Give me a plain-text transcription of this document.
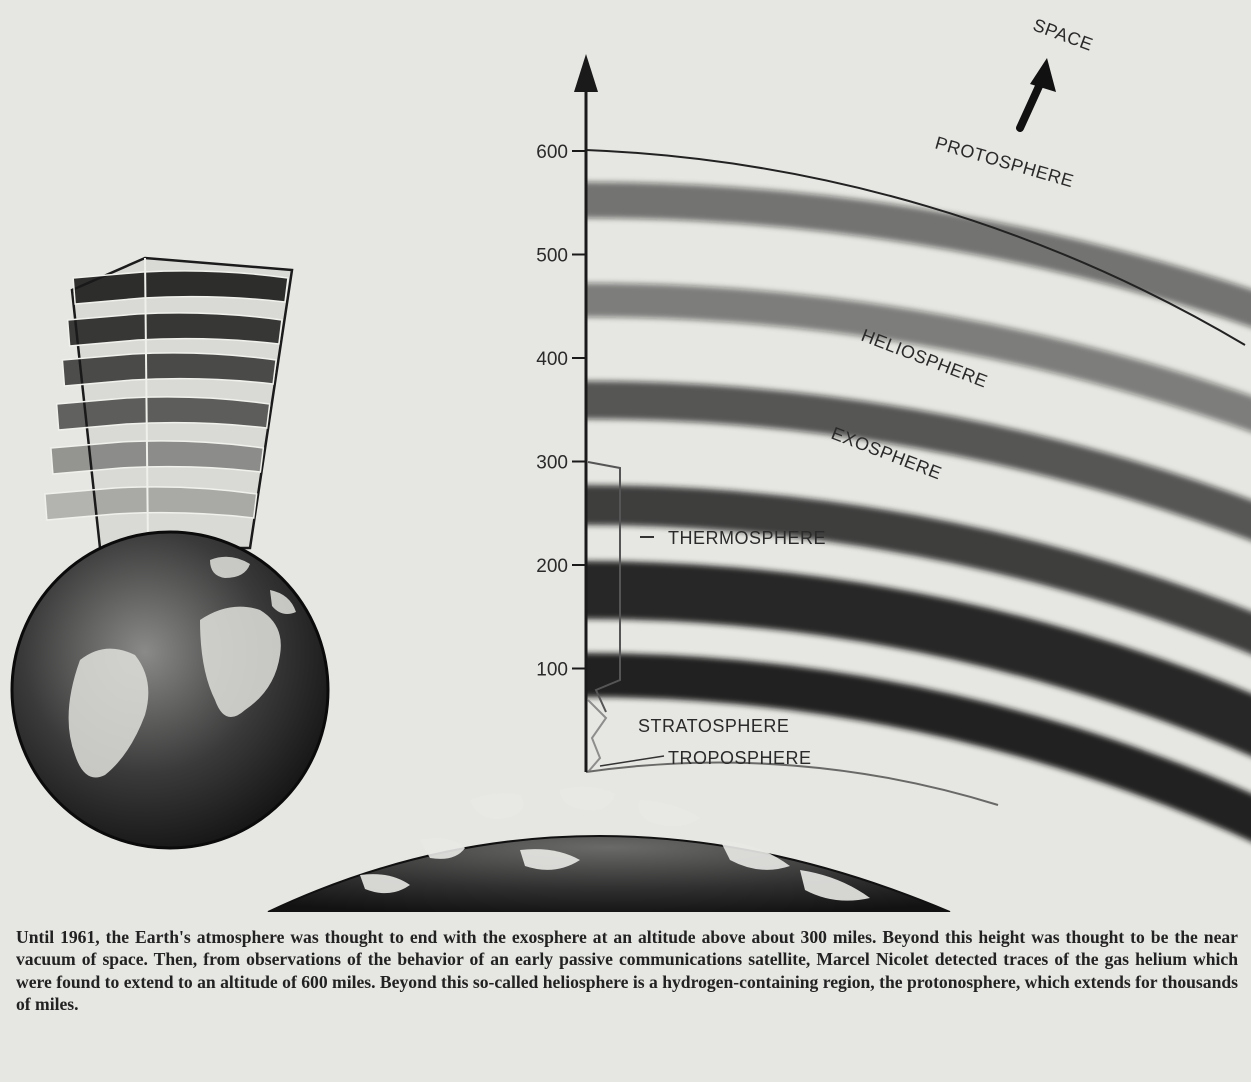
100
200
300
400
500
600
SPACE
PROTOSPHERE
HELIOSPHERE
EXOSPHERE
THERMOSPHERE
STRATOSPHERE
TROPOSPHERE

Until 1961, the Earth's atmosphere was thought to end with the exosphere at an altitude above about 300 miles. Beyond this height was thought to be the near vacuum of space. Then, from observations of the behavior of an early passive communications satellite, Marcel Nicolet detected traces of the gas helium which were found to extend to an altitude of 600 miles. Beyond this so-called heliosphere is a hydrogen-containing region, the protonosphere, which extends for thousands of miles.
